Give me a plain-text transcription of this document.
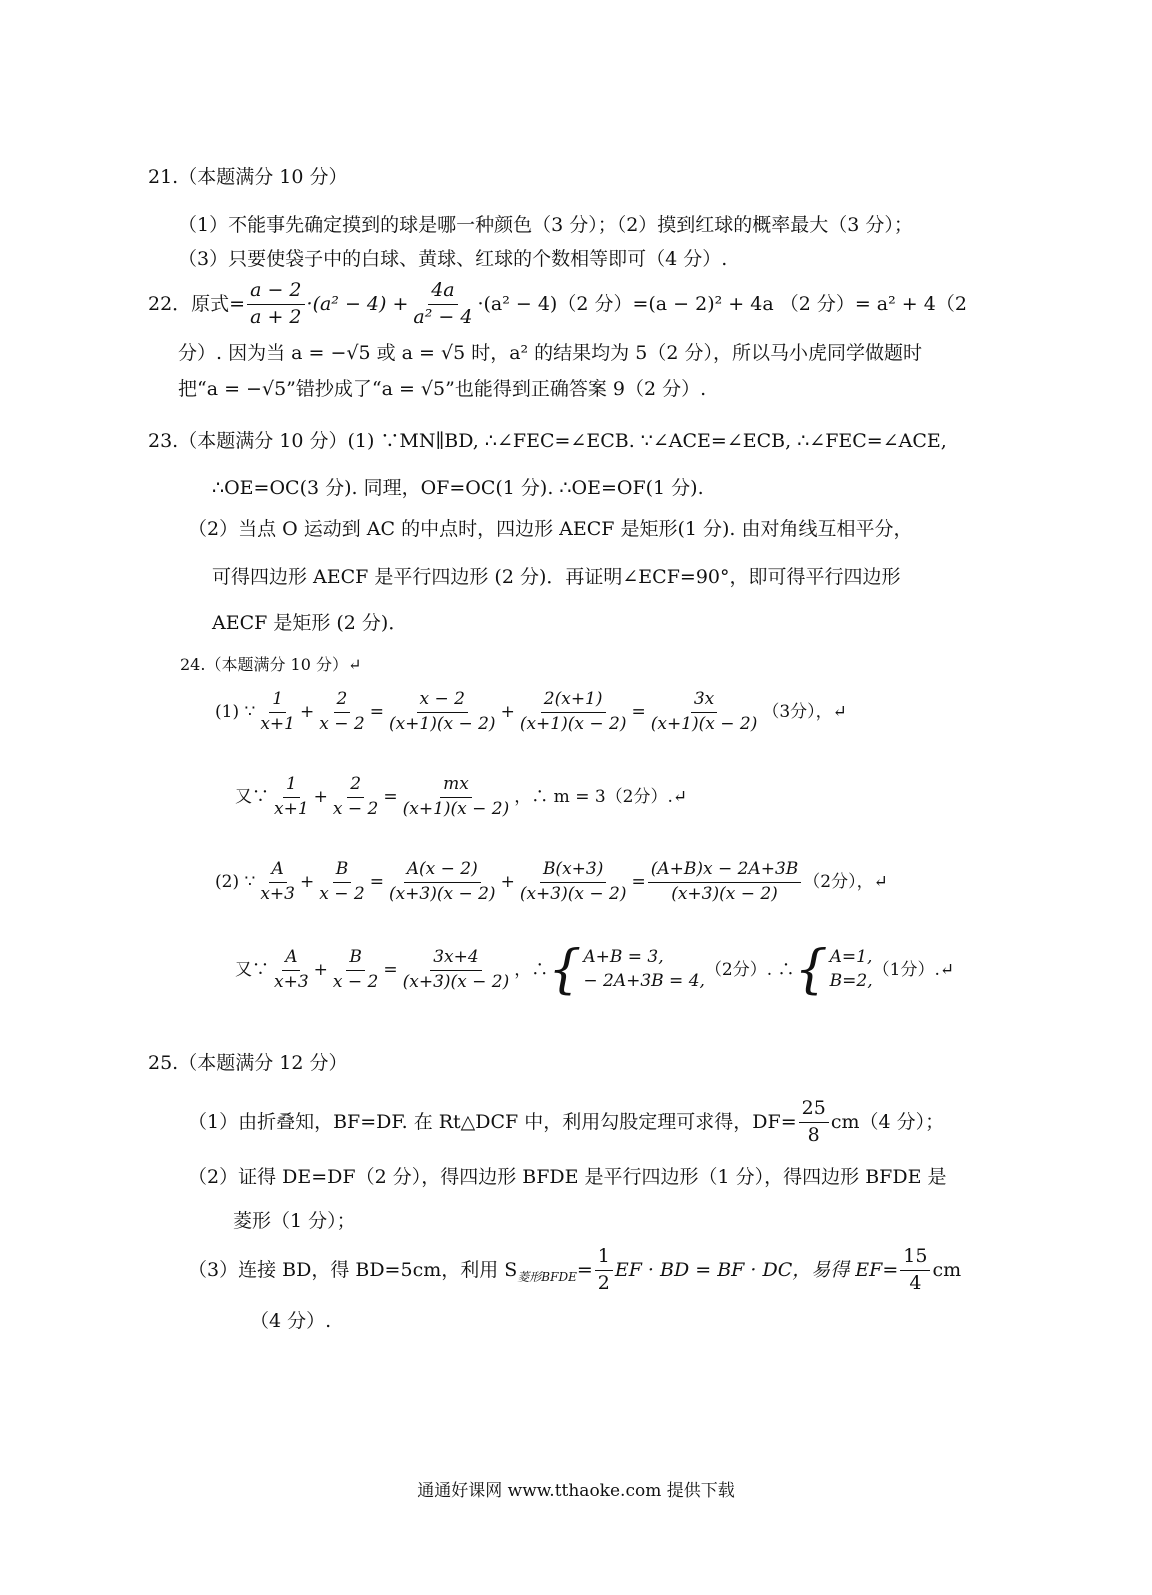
21.（本题满分 10 分）
（1）不能事先确定摸到的球是哪一种颜色（3 分）；（2）摸到红球的概率最大（3 分）；
（3）只要使袋子中的白球、黄球、红球的个数相等即可（4 分）.
22．原式= $\frac{a - 2}{a + 2} \cdot(a^2 - 4) + \frac{4a}{\text{a² − 4}} \cdot(a^2 - 4)(2$ 分）=(a − 2)² + 4a （2 分）= a² + 4（2
分）. 因为当 a = −√5 或 a = √5 时，a² 的结果均为 5（2 分），所以马小虎同学做题时
把“a = −√5”错抄成了“a = √5”也能得到正确答案 9（2 分）.
23.（本题满分 10 分）(1) ∵MN∥BD, ∴∠FEC=∠ECB. ∵∠ACE=∠ECB, ∴∠FEC=∠ACE,
∴OE=OC(3 分). 同理，OF=OC(1 分). ∴OE=OF(1 分).
（2）当点 O 运动到 AC 的中点时，四边形 AECF 是矩形(1 分). 由对角线互相平分，
可得四边形 AECF 是平行四边形 (2 分)．再证明∠ECF=90°，即可得平行四边形
AECF 是矩形 (2 分)．
24.（本题满分 10 分）↵
(1) ∵ $\frac{1}{x+1} + \frac{2}{x - 2} = \frac{x - 2}{(x+1)(x - 2)} + \frac{2(x+1)}{(x+1)(x - 2)} = \frac{3x}{(x+1)(x - 2)} (3$分），↵
又∵ $\frac{1}{x+1} + \frac{2}{x - 2} = \frac{mx}{(x+1)(x - 2)}$ ，∴ m = 3（2分）.↵
(2) ∵ $\frac{A}{x+3} + \frac{B}{x - 2} = \frac{A(x - 2)}{(x+3)(x - 2)} + \frac{B(x+3)}{(x+3)(x - 2)} = \frac{(A+B)x - 2A+3B}{(x+3)(x - 2)} (2$分），↵
又∵ $\frac{A}{x+3} + \frac{B}{x - 2} = \frac{3x+4}{(x+3)(x - 2)}$ ，∴ { A+B = 3,
− 2A+3B = 4,
（2分）. ∴ { A=1,
B=2,
（1分）.↵
25.（本题满分 12 分）
（1）由折叠知，BF=DF. 在 Rt△DCF 中，利用勾股定理可求得，$DF= \frac{25}{8} cm(4$ 分）；
（2）证得 DE=DF（2 分），得四边形 BFDE 是平行四边形（1 分），得四边形 BFDE 是
菱形（1 分）；
（3）连接 BD，得 BD=5cm，利用 $S_{菱形BFDE} = \frac{1}{2}$ EF · BD = BF · DC，易得 $EF= \frac{15}{4}$ cm
（4 分）.
通通好课网 www.tthaoke.com 提供下载
